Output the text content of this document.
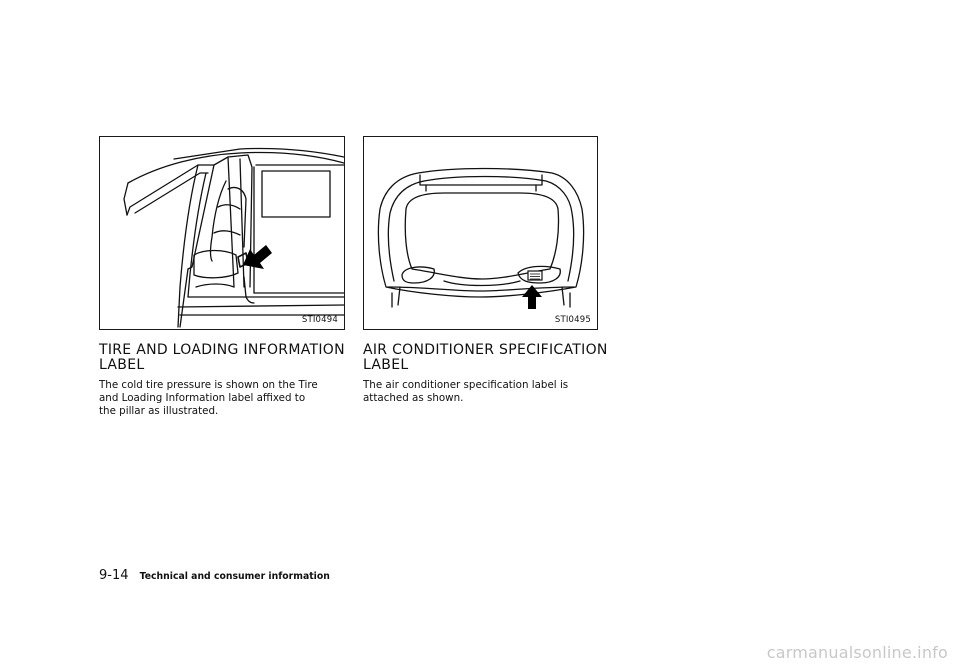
STI0494	STI0495
TIRE AND LOADING INFORMATION
LABEL

The cold tire pressure is shown on the Tire
and Loading Information label affixed to
the pillar as illustrated.

AIR CONDITIONER SPECIFICATION
LABEL

The air conditioner specification label is
attached as shown.

9-14 Technical and consumer information
carmanualsonline.info
